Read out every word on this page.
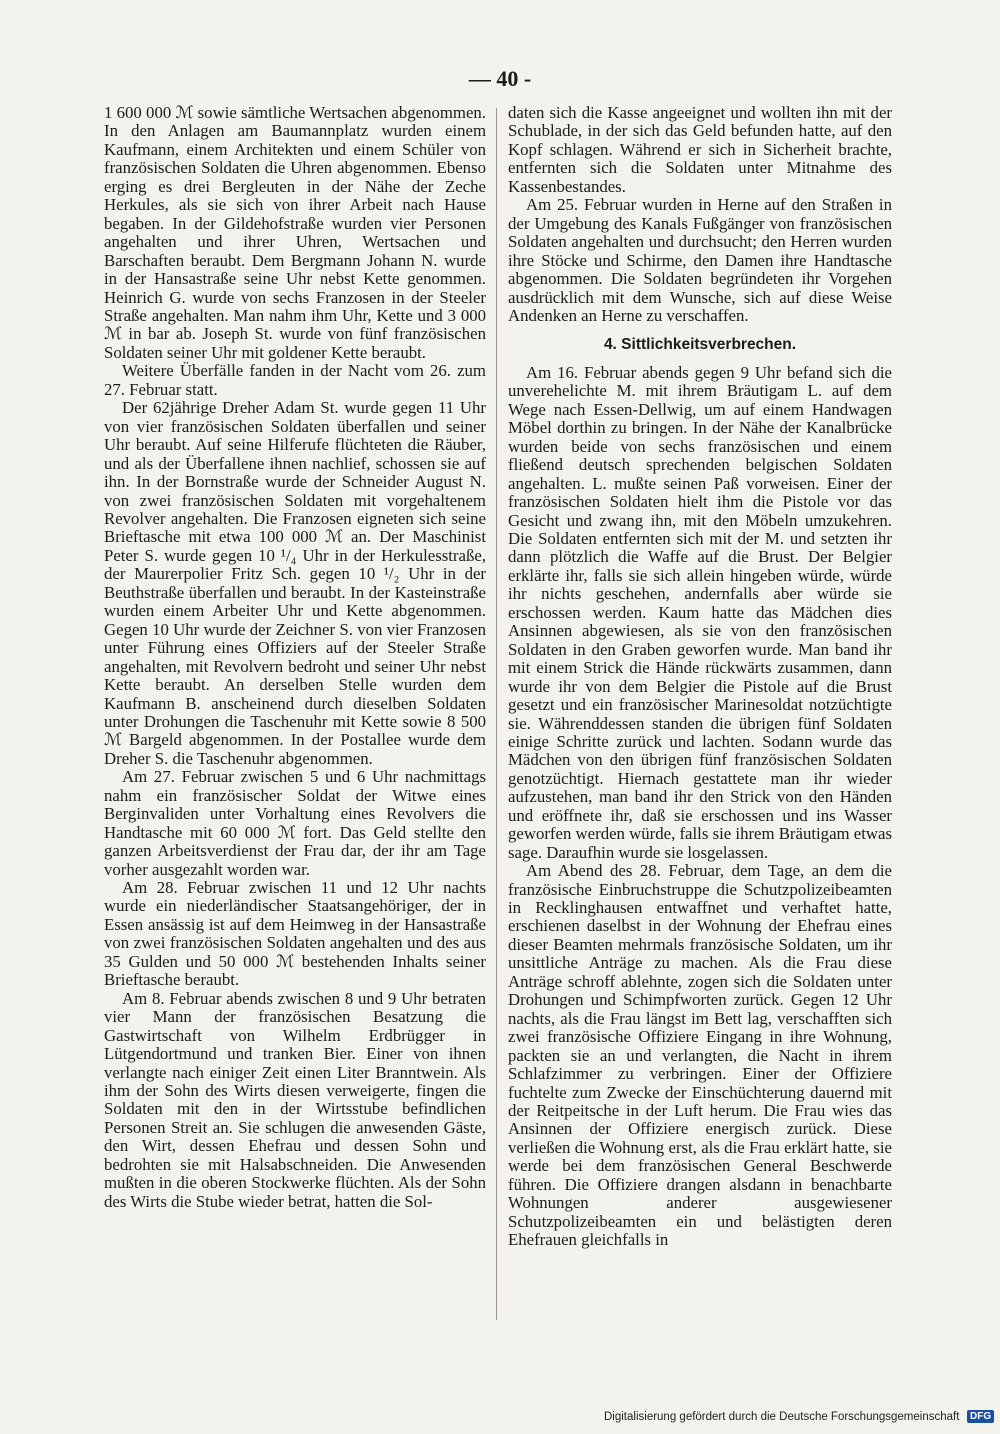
— 40 -

1 600 000 ℳ sowie sämtliche Wertsachen abgenommen. In den Anlagen am Baumannplatz wurden einem Kaufmann, einem Architekten und einem Schüler von französischen Soldaten die Uhren abgenommen. Ebenso erging es drei Bergleuten in der Nähe der Zeche Herkules, als sie sich von ihrer Arbeit nach Hause begaben. In der Gildehofstraße wurden vier Personen angehalten und ihrer Uhren, Wertsachen und Barschaften beraubt. Dem Bergmann Johann N. wurde in der Hansastraße seine Uhr nebst Kette genommen. Heinrich G. wurde von sechs Franzosen in der Steeler Straße angehalten. Man nahm ihm Uhr, Kette und 3 000 ℳ in bar ab. Joseph St. wurde von fünf französischen Soldaten seiner Uhr mit goldener Kette beraubt.

Weitere Überfälle fanden in der Nacht vom 26. zum 27. Februar statt.

Der 62jährige Dreher Adam St. wurde gegen 11 Uhr von vier französischen Soldaten überfallen und seiner Uhr beraubt. Auf seine Hilferufe flüchteten die Räuber, und als der Überfallene ihnen nachlief, schossen sie auf ihn. In der Bornstraße wurde der Schneider August N. von zwei französischen Soldaten mit vorgehaltenem Revolver angehalten. Die Franzosen eigneten sich seine Brieftasche mit etwa 100 000 ℳ an. Der Maschinist Peter S. wurde gegen 10 ¹/₄ Uhr in der Herkulesstraße, der Maurerpolier Fritz Sch. gegen 10 ¹/₂ Uhr in der Beuthstraße überfallen und beraubt. In der Kasteinstraße wurden einem Arbeiter Uhr und Kette abgenommen. Gegen 10 Uhr wurde der Zeichner S. von vier Franzosen unter Führung eines Offiziers auf der Steeler Straße angehalten, mit Revolvern bedroht und seiner Uhr nebst Kette beraubt. An derselben Stelle wurden dem Kaufmann B. anscheinend durch dieselben Soldaten unter Drohungen die Taschenuhr mit Kette sowie 8 500 ℳ Bargeld abgenommen. In der Postallee wurde dem Dreher S. die Taschenuhr abgenommen.

Am 27. Februar zwischen 5 und 6 Uhr nachmittags nahm ein französischer Soldat der Witwe eines Berginvaliden unter Vorhaltung eines Revolvers die Handtasche mit 60 000 ℳ fort. Das Geld stellte den ganzen Arbeitsverdienst der Frau dar, der ihr am Tage vorher ausgezahlt worden war.

Am 28. Februar zwischen 11 und 12 Uhr nachts wurde ein niederländischer Staatsangehöriger, der in Essen ansässig ist auf dem Heimweg in der Hansastraße von zwei französischen Soldaten angehalten und des aus 35 Gulden und 50 000 ℳ bestehenden Inhalts seiner Brieftasche beraubt.

Am 8. Februar abends zwischen 8 und 9 Uhr betraten vier Mann der französischen Besatzung die Gastwirtschaft von Wilhelm Erdbrügger in Lütgendortmund und tranken Bier. Einer von ihnen verlangte nach einiger Zeit einen Liter Branntwein. Als ihm der Sohn des Wirts diesen verweigerte, fingen die Soldaten mit den in der Wirtsstube befindlichen Personen Streit an. Sie schlugen die anwesenden Gäste, den Wirt, dessen Ehefrau und dessen Sohn und bedrohten sie mit Halsabschneiden. Die Anwesenden mußten in die oberen Stockwerke flüchten. Als der Sohn des Wirts die Stube wieder betrat, hatten die Sol-

daten sich die Kasse angeeignet und wollten ihn mit der Schublade, in der sich das Geld befunden hatte, auf den Kopf schlagen. Während er sich in Sicherheit brachte, entfernten sich die Soldaten unter Mitnahme des Kassenbestandes.

Am 25. Februar wurden in Herne auf den Straßen in der Umgebung des Kanals Fußgänger von französischen Soldaten angehalten und durchsucht; den Herren wurden ihre Stöcke und Schirme, den Damen ihre Handtasche abgenommen. Die Soldaten begründeten ihr Vorgehen ausdrücklich mit dem Wunsche, sich auf diese Weise Andenken an Herne zu verschaffen.

4. Sittlichkeitsverbrechen.

Am 16. Februar abends gegen 9 Uhr befand sich die unverehelichte M. mit ihrem Bräutigam L. auf dem Wege nach Essen-Dellwig, um auf einem Handwagen Möbel dorthin zu bringen. In der Nähe der Kanalbrücke wurden beide von sechs französischen und einem fließend deutsch sprechenden belgischen Soldaten angehalten. L. mußte seinen Paß vorweisen. Einer der französischen Soldaten hielt ihm die Pistole vor das Gesicht und zwang ihn, mit den Möbeln umzukehren. Die Soldaten entfernten sich mit der M. und setzten ihr dann plötzlich die Waffe auf die Brust. Der Belgier erklärte ihr, falls sie sich allein hingeben würde, würde ihr nichts geschehen, andernfalls aber würde sie erschossen werden. Kaum hatte das Mädchen dies Ansinnen abgewiesen, als sie von den französischen Soldaten in den Graben geworfen wurde. Man band ihr mit einem Strick die Hände rückwärts zusammen, dann wurde ihr von dem Belgier die Pistole auf die Brust gesetzt und ein französischer Marinesoldat notzüchtigte sie. Währenddessen standen die übrigen fünf Soldaten einige Schritte zurück und lachten. Sodann wurde das Mädchen von den übrigen fünf französischen Soldaten genotzüchtigt. Hiernach gestattete man ihr wieder aufzustehen, man band ihr den Strick von den Händen und eröffnete ihr, daß sie erschossen und ins Wasser geworfen werden würde, falls sie ihrem Bräutigam etwas sage. Daraufhin wurde sie losgelassen.

Am Abend des 28. Februar, dem Tage, an dem die französische Einbruchstruppe die Schutzpolizeibeamten in Recklinghausen entwaffnet und verhaftet hatte, erschienen daselbst in der Wohnung der Ehefrau eines dieser Beamten mehrmals französische Soldaten, um ihr unsittliche Anträge zu machen. Als die Frau diese Anträge schroff ablehnte, zogen sich die Soldaten unter Drohungen und Schimpfworten zurück. Gegen 12 Uhr nachts, als die Frau längst im Bett lag, verschafften sich zwei französische Offiziere Eingang in ihre Wohnung, packten sie an und verlangten, die Nacht in ihrem Schlafzimmer zu verbringen. Einer der Offiziere fuchtelte zum Zwecke der Einschüchterung dauernd mit der Reitpeitsche in der Luft herum. Die Frau wies das Ansinnen der Offiziere energisch zurück. Diese verließen die Wohnung erst, als die Frau erklärt hatte, sie werde bei dem französischen General Beschwerde führen. Die Offiziere drangen alsdann in benachbarte Wohnungen anderer ausgewiesener Schutzpolizeibeamten ein und belästigten deren Ehefrauen gleichfalls in

Digitalisierung gefördert durch die Deutsche Forschungsgemeinschaft	DFG
